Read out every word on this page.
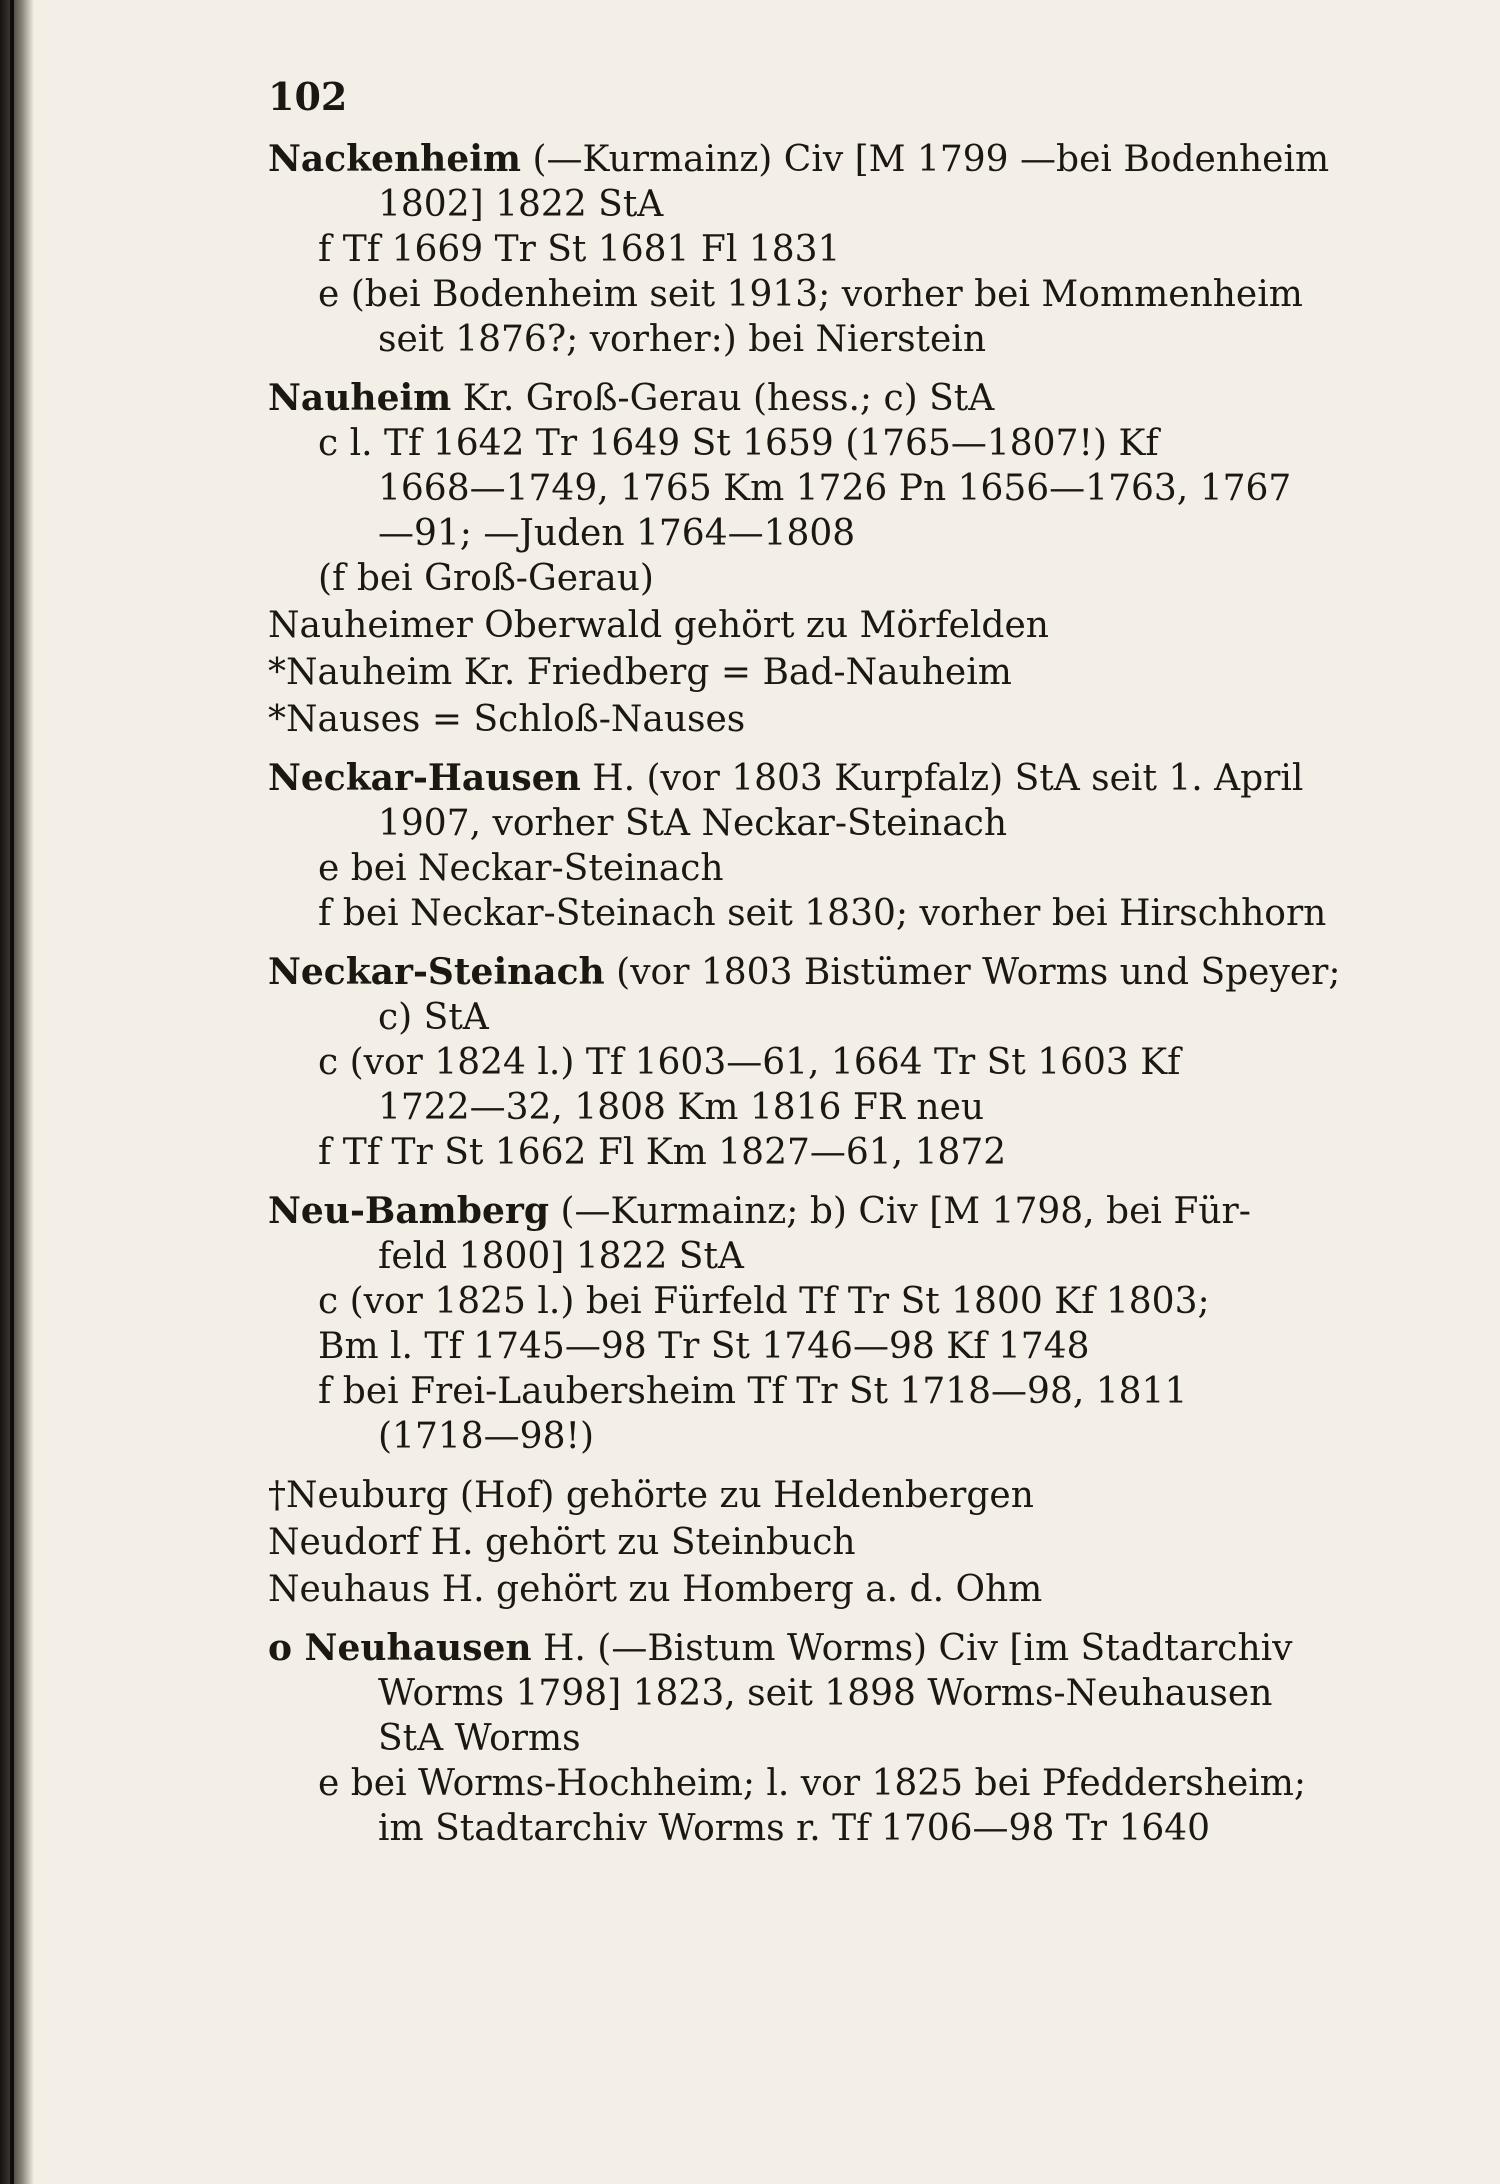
102
Nackenheim (—Kurmainz) Civ [M 1799 —bei Bodenheim
1802] 1822 StA
f Tf 1669 Tr St 1681 Fl 1831
e (bei Bodenheim seit 1913; vorher bei Mommenheim
seit 1876?; vorher:) bei Nierstein
Nauheim Kr. Groß-Gerau (hess.; c) StA
c l. Tf 1642 Tr 1649 St 1659 (1765—1807!) Kf
1668—1749, 1765 Km 1726 Pn 1656—1763, 1767
—91; —Juden 1764—1808
(f bei Groß-Gerau)
Nauheimer Oberwald gehört zu Mörfelden
*Nauheim Kr. Friedberg = Bad-Nauheim
*Nauses = Schloß-Nauses
Neckar-Hausen H. (vor 1803 Kurpfalz) StA seit 1. April
1907, vorher StA Neckar-Steinach
e bei Neckar-Steinach
f bei Neckar-Steinach seit 1830; vorher bei Hirschhorn
Neckar-Steinach (vor 1803 Bistümer Worms und Speyer;
c) StA
c (vor 1824 l.) Tf 1603—61, 1664 Tr St 1603 Kf
1722—32, 1808 Km 1816 FR neu
f Tf Tr St 1662 Fl Km 1827—61, 1872
Neu-Bamberg (—Kurmainz; b) Civ [M 1798, bei Für-
feld 1800] 1822 StA
c (vor 1825 l.) bei Fürfeld Tf Tr St 1800 Kf 1803;
Bm l. Tf 1745—98 Tr St 1746—98 Kf 1748
f bei Frei-Laubersheim Tf Tr St 1718—98, 1811
(1718—98!)
†Neuburg (Hof) gehörte zu Heldenbergen
Neudorf H. gehört zu Steinbuch
Neuhaus H. gehört zu Homberg a. d. Ohm
o Neuhausen H. (—Bistum Worms) Civ [im Stadtarchiv
Worms 1798] 1823, seit 1898 Worms-Neuhausen
StA Worms
e bei Worms-Hochheim; l. vor 1825 bei Pfeddersheim;
im Stadtarchiv Worms r. Tf 1706—98 Tr 1640
